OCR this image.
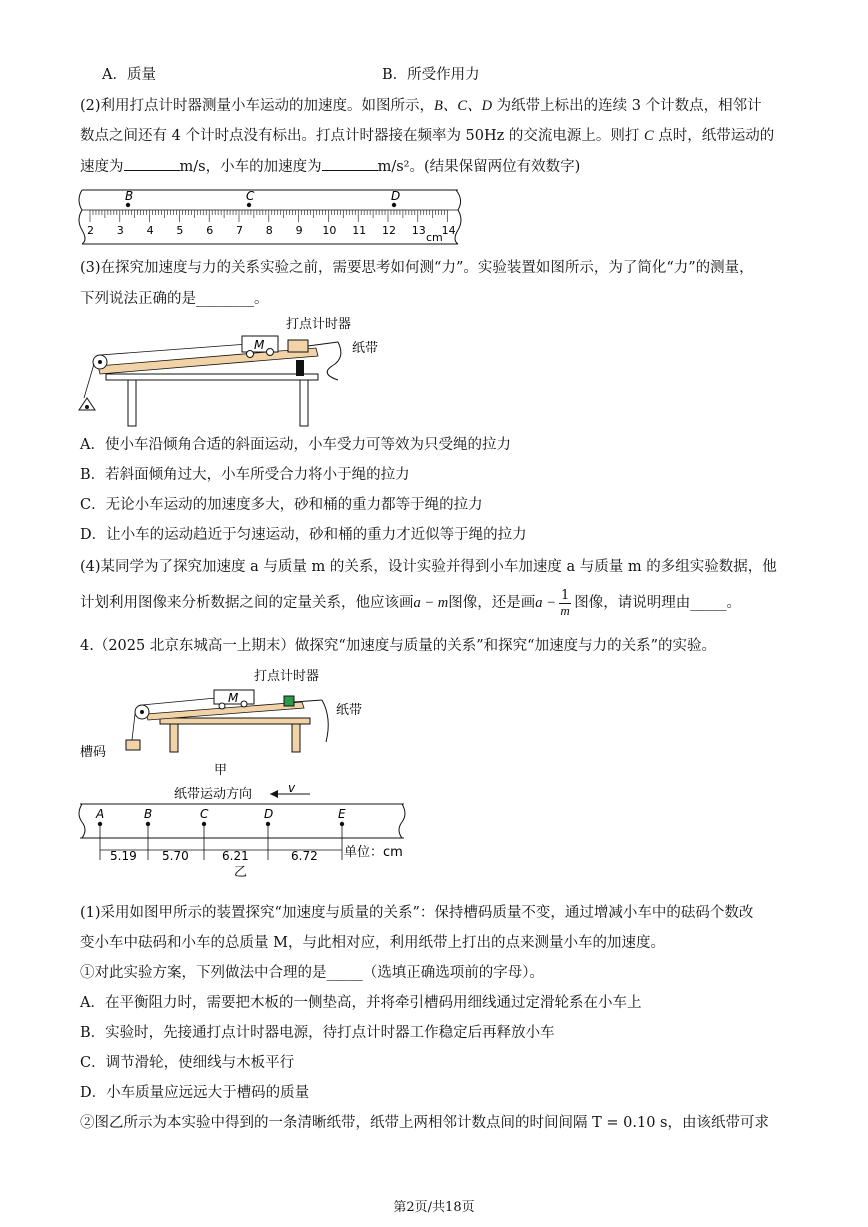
A．质量	B．所受作用力
(2)利用打点计时器测量小车运动的加速度。如图所示，B、C、D 为纸带上标出的连续 3 个计数点，相邻计
数点之间还有 4 个计时点没有标出。打点计时器接在频率为 50Hz 的交流电源上。则打 C 点时，纸带运动的
速度为	m/s，小车的加速度为	m/s²。(结果保留两位有效数字)
2 3 4 5 6 7 8 9 10 11 12 13 14
B	C	D
cm
(3)在探究加速度与力的关系实验之前，需要思考如何测“力”。实验装置如图所示，为了简化“力”的测量，
下列说法正确的是________。
M
打点计时器
纸带
A．使小车沿倾角合适的斜面运动，小车受力可等效为只受绳的拉力
B．若斜面倾角过大，小车所受合力将小于绳的拉力
C．无论小车运动的加速度多大，砂和桶的重力都等于绳的拉力
D．让小车的运动趋近于匀速运动，砂和桶的重力才近似等于绳的拉力
(4)某同学为了探究加速度 a 与质量 m 的关系，设计实验并得到小车加速度 a 与质量 m 的多组实验数据，他
计划利用图像来分析数据之间的定量关系，他应该画a − m图像，还是画$a - \frac{1}{m}$ 图像，请说明理由_____。
4.（2025 北京东城高一上期末）做探究“加速度与质量的关系”和探究“加速度与力的关系”的实验。
M
打点计时器
纸带
槽码
甲
纸带运动方向	v
A	B	C	D	E
5.19 5.70	6.21	6.72 单位：cm
乙
(1)采用如图甲所示的装置探究“加速度与质量的关系”：保持槽码质量不变，通过增减小车中的砝码个数改
变小车中砝码和小车的总质量 M，与此相对应，利用纸带上打出的点来测量小车的加速度。
①对此实验方案，下列做法中合理的是_____（选填正确选项前的字母）。
A．在平衡阻力时，需要把木板的一侧垫高，并将牵引槽码用细线通过定滑轮系在小车上
B．实验时，先接通打点计时器电源，待打点计时器工作稳定后再释放小车
C．调节滑轮，使细线与木板平行
D．小车质量应远远大于槽码的质量
②图乙所示为本实验中得到的一条清晰纸带，纸带上两相邻计数点间的时间间隔 T = 0.10 s，由该纸带可求
第2页/共18页
